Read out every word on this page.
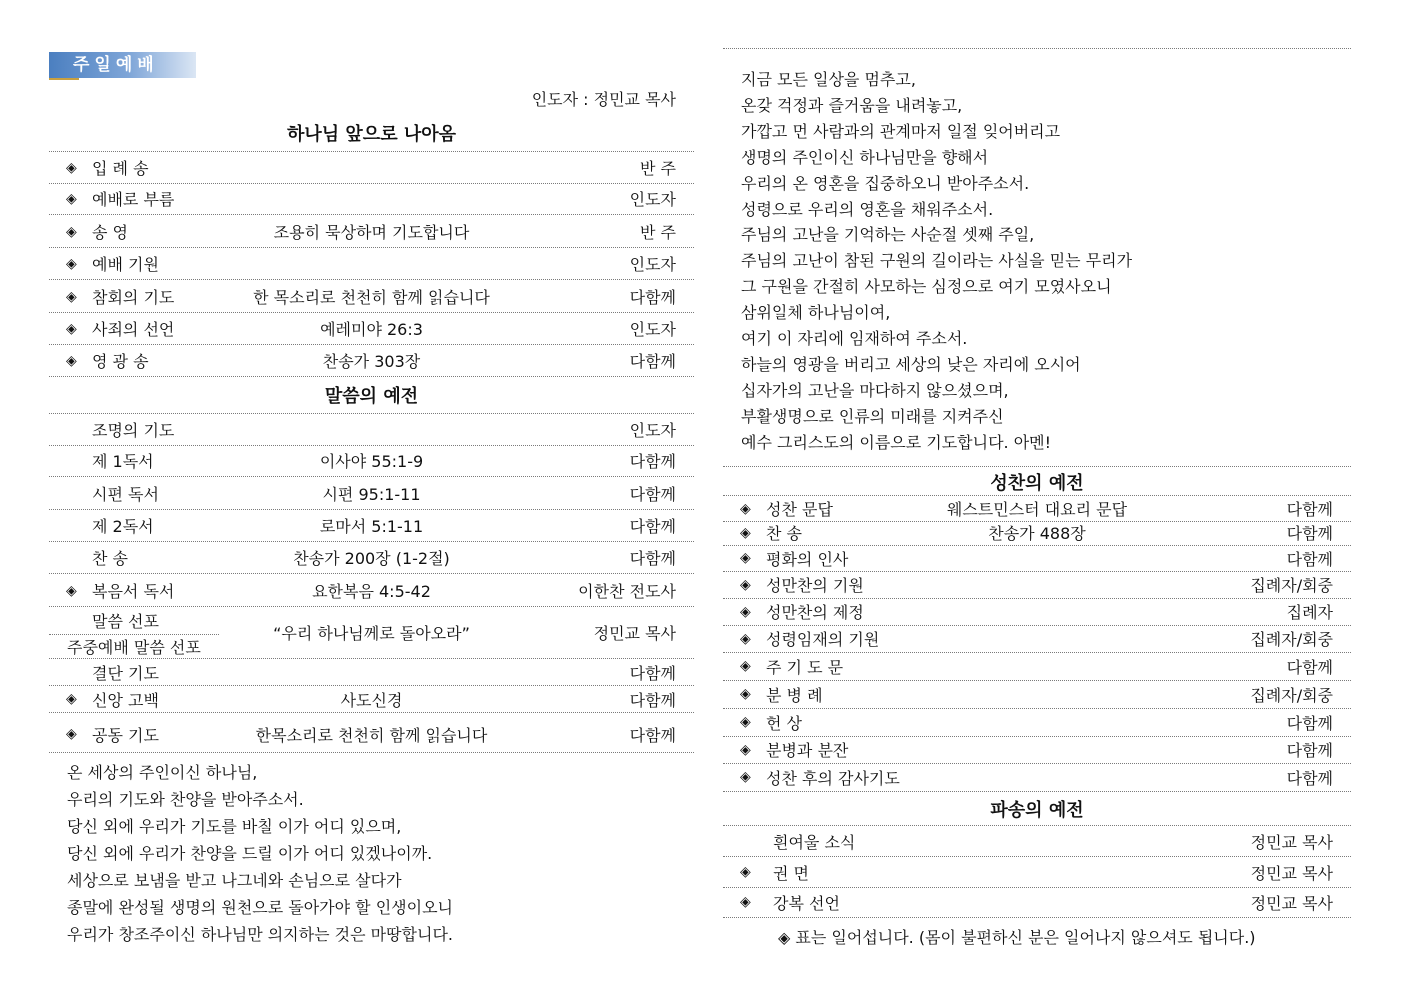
주일예배
인도자 : 정민교 목사
하나님 앞으로 나아옴
◈ 입 례 송	반 주
◈ 예배로 부름	인도자
◈ 송 영	조용히 묵상하며 기도합니다	반 주
◈ 예배 기원	인도자
◈ 참회의 기도	한 목소리로 천천히 함께 읽습니다	다함께
◈ 사죄의 선언	예레미야 26:3	인도자
◈ 영 광 송	찬송가 303장	다함께
말씀의 예전
조명의 기도	인도자
제 1독서	이사야 55:1-9	다함께
시편 독서	시편 95:1-11	다함께
제 2독서	로마서 5:1-11	다함께
찬 송	찬송가 200장 (1-2절)	다함께
◈ 복음서 독서	요한복음 4:5-42	이한찬 전도사
말씀 선포
주중예배 말씀 선포
“우리 하나님께로 돌아오라”	정민교 목사
결단 기도	다함께
◈ 신앙 고백	사도신경	다함께
◈ 공동 기도	한목소리로 천천히 함께 읽습니다	다함께
온 세상의 주인이신 하나님,
우리의 기도와 찬양을 받아주소서.
당신 외에 우리가 기도를 바칠 이가 어디 있으며,
당신 외에 우리가 찬양을 드릴 이가 어디 있겠나이까.
세상으로 보냄을 받고 나그네와 손님으로 살다가
종말에 완성될 생명의 원천으로 돌아가야 할 인생이오니
우리가 창조주이신 하나님만 의지하는 것은 마땅합니다.
지금 모든 일상을 멈추고,
온갖 걱정과 즐거움을 내려놓고,
가깝고 먼 사람과의 관계마저 일절 잊어버리고
생명의 주인이신 하나님만을 향해서
우리의 온 영혼을 집중하오니 받아주소서.
성령으로 우리의 영혼을 채워주소서.
주님의 고난을 기억하는 사순절 셋째 주일,
주님의 고난이 참된 구원의 길이라는 사실을 믿는 무리가
그 구원을 간절히 사모하는 심정으로 여기 모였사오니
삼위일체 하나님이여,
여기 이 자리에 임재하여 주소서.
하늘의 영광을 버리고 세상의 낮은 자리에 오시어
십자가의 고난을 마다하지 않으셨으며,
부활생명으로 인류의 미래를 지켜주신
예수 그리스도의 이름으로 기도합니다. 아멘!
성찬의 예전
◈ 성찬 문답	웨스트민스터 대요리 문답	다함께
◈ 찬 송	찬송가 488장	다함께
◈ 평화의 인사	다함께
◈ 성만찬의 기원	집례자/회중
◈ 성만찬의 제정	집례자
◈ 성령임재의 기원	집례자/회중
◈ 주 기 도 문	다함께
◈ 분 병 례	집례자/회중
◈ 헌 상	다함께
◈ 분병과 분잔	다함께
◈ 성찬 후의 감사기도	다함께
파송의 예전
흰여울 소식	정민교 목사
◈ 권 면	정민교 목사
◈ 강복 선언	정민교 목사
◈ 표는 일어섭니다. (몸이 불편하신 분은 일어나지 않으셔도 됩니다.)
